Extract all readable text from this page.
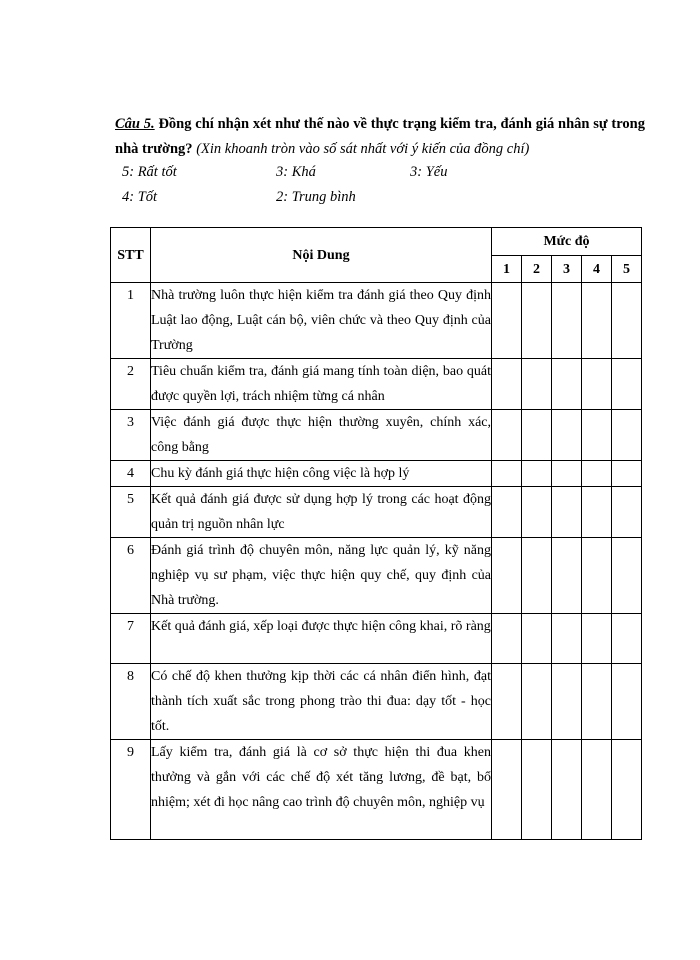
Câu 5. Đồng chí nhận xét như thế nào về thực trạng kiểm tra, đánh giá nhân sự trong nhà trường? (Xin khoanh tròn vào số sát nhất với ý kiến của đồng chí)
5: Rất tốt	3: Khá	3: Yếu
4: Tốt	2: Trung bình
STT	Nội Dung	Mức độ				
		1	2	3	4	5
1	Nhà trường luôn thực hiện kiểm tra đánh giá theo Quy định Luật lao động, Luật cán bộ, viên chức và theo Quy định của Trường					
2	Tiêu chuẩn kiểm tra, đánh giá mang tính toàn diện, bao quát được quyền lợi, trách nhiệm từng cá nhân					
3	Việc đánh giá được thực hiện thường xuyên, chính xác, công bằng					
4	Chu kỳ đánh giá thực hiện công việc là hợp lý					
5	Kết quả đánh giá được sử dụng hợp lý trong các hoạt động quản trị nguồn nhân lực					
6	Đánh giá trình độ chuyên môn, năng lực quản lý, kỹ năng nghiệp vụ sư phạm, việc thực hiện quy chế, quy định của Nhà trường.					
7	Kết quả đánh giá, xếp loại được thực hiện công khai, rõ ràng					
8	Có chế độ khen thưởng kịp thời các cá nhân điển hình, đạt thành tích xuất sắc trong phong trào thi đua: dạy tốt - học tốt.					
9	Lấy kiểm tra, đánh giá là cơ sở thực hiện thi đua khen thưởng và gắn với các chế độ xét tăng lương, đề bạt, bổ nhiệm; xét đi học nâng cao trình độ chuyên môn, nghiệp vụ					
